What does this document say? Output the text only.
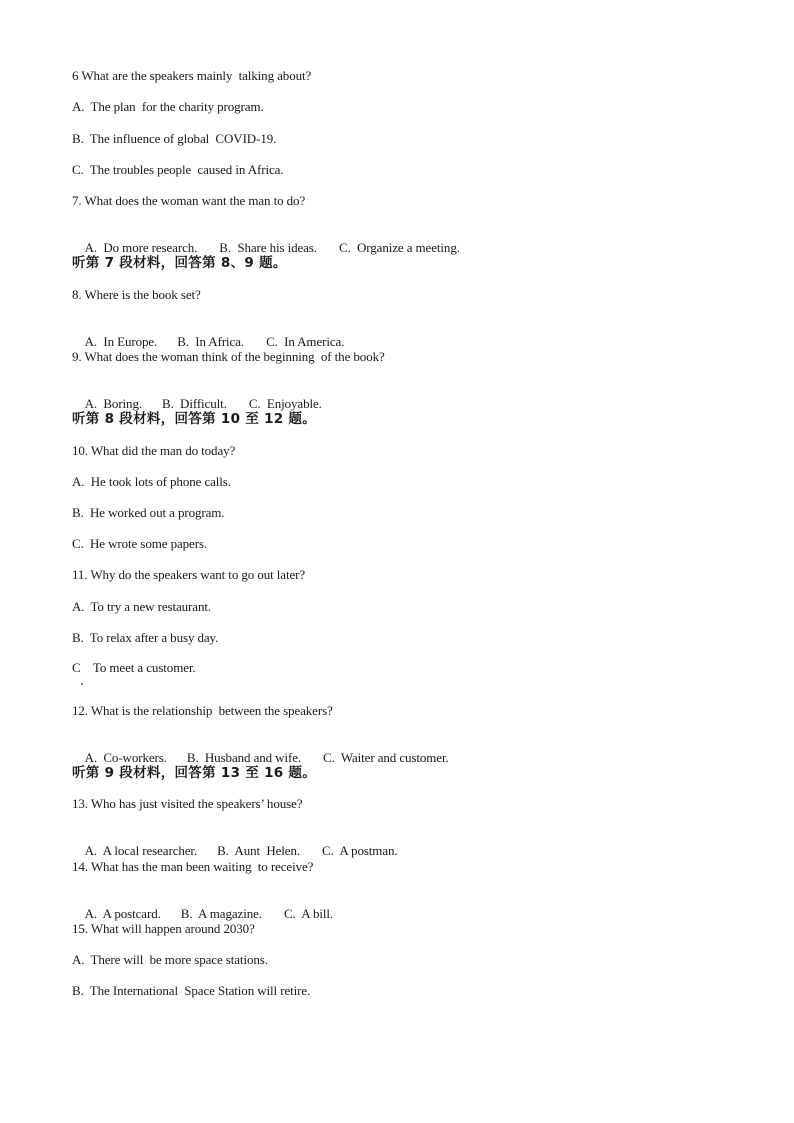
6 What are the speakers mainly  talking about?
A.  The plan  for the charity program.
B.  The influence of global  COVID-19.
C.  The troubles people  caused in Africa.
7. What does the woman want the man to do?

A.  Do more research. B.  Share his ideas. C.  Organize a meeting.

听第 7 段材料，回答第 8、9 题。
8. Where is the book set?

A.  In Europe. B.  In Africa. C.  In America.

9. What does the woman think of the beginning  of the book?

A.  Boring. B.  Difficult. C.  Enjoyable.

听第 8 段材料，回答第 10 至 12 题。
10. What did the man do today?
A.  He took lots of phone calls.
B.  He worked out a program.
C.  He wrote some papers.
11. Why do the speakers want to go out later?
A.  To try a new restaurant.
B.  To relax after a busy day.
C    To meet a customer.
12. What is the relationship  between the speakers?

A.  Co-workers. B.  Husband and wife. C.  Waiter and customer.

听第 9 段材料，回答第 13 至 16 题。
13. Who has just visited the speakers’ house?

A.  A local researcher. B.  Aunt  Helen. C.  A postman.

14. What has the man been waiting  to receive?

A.  A postcard. B.  A magazine. C.  A bill.

15. What will happen around 2030?
A.  There will  be more space stations.
B.  The International  Space Station will retire.
